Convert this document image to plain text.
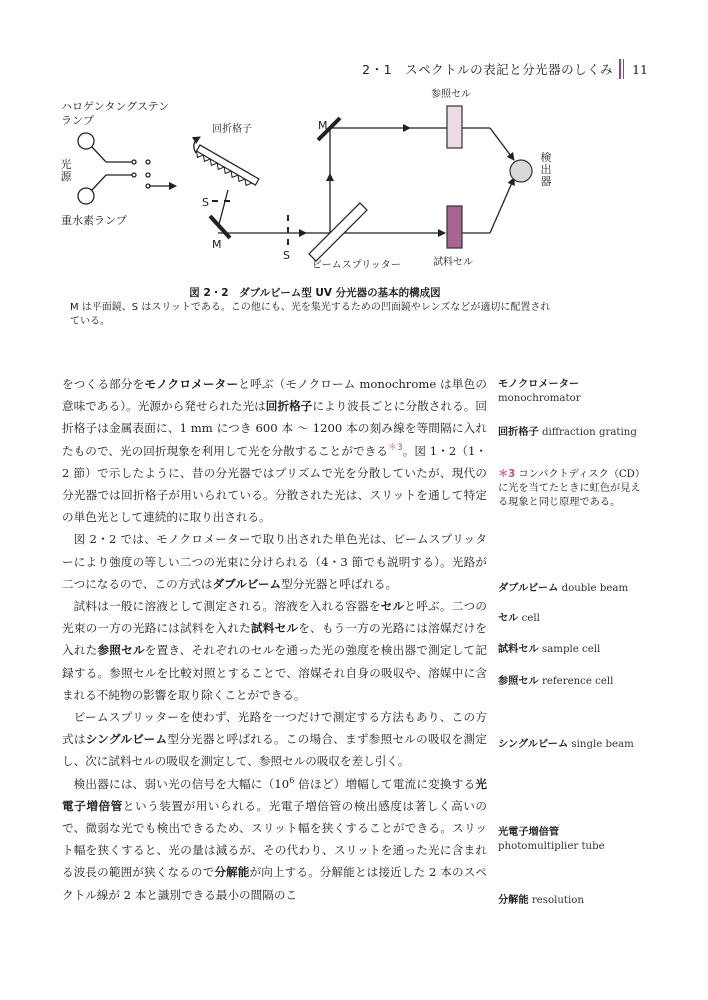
2・1　スペクトルの表記と分光器のしくみ 11
ハロゲンタングステン
ランプ
光源
重水素ランプ
回折格子	M
M
S
S
ビームスプリッター
参照セル
試料セル
検出器
図 2・2　ダブルビーム型 UV 分光器の基本的構成図
M は平面鏡、S はスリットである。この他にも、光を集光するための凹面鏡やレンズなどが適切に配置されている。

をつくる部分をモノクロメーターと呼ぶ（モノクローム monochrome は単色の意味である）。光源から発せられた光は回折格子により波長ごとに分散される。回折格子は金属表面に、1 mm につき 600 本 ～ 1200 本の刻み線を等間隔に入れたもので、光の回折現象を利用して光を分散することができる$^{*3}$。図 1・2（1・2 節）で示したように、昔の分光器ではプリズムで光を分散していたが、現代の分光器では回折格子が用いられている。分散された光は、スリットを通して特定の単色光として連続的に取り出される。

図 2・2 では、モノクロメーターで取り出された単色光は、ビームスプリッターにより強度の等しい二つの光束に分けられる（4・3 節でも説明する）。光路が二つになるので、この方式はダブルビーム型分光器と呼ばれる。

試料は一般に溶液として測定される。溶液を入れる容器をセルと呼ぶ。二つの光束の一方の光路には試料を入れた試料セルを、もう一方の光路には溶媒だけを入れた参照セルを置き、それぞれのセルを通った光の強度を検出器で測定して記録する。参照セルを比較対照とすることで、溶媒それ自身の吸収や、溶媒中に含まれる不純物の影響を取り除くことができる。

ビームスプリッターを使わず、光路を一つだけで測定する方法もあり、この方式はシングルビーム型分光器と呼ばれる。この場合、まず参照セルの吸収を測定し、次に試料セルの吸収を測定して、参照セルの吸収を差し引く。

検出器には、弱い光の信号を大幅に（$10^6$ 倍ほど）増幅して電流に変換する光電子増倍管という装置が用いられる。光電子増倍管の検出感度は著しく高いので、微弱な光でも検出できるため、スリット幅を狭くすることができる。スリット幅を狭くすると、光の量は減るが、その代わり、スリットを通った光に含まれる波長の範囲が狭くなるので分解能が向上する。分解能とは接近した 2 本のスペクトル線が 2 本と識別できる最小の間隔のこ

モノクロメーター
monochromator
回折格子 diffraction grating
＊3 コンパクトディスク（CD）に光を当てたときに虹色が見える現象と同じ原理である。
ダブルビーム double beam
セル cell
試料セル sample cell
参照セル reference cell
シングルビーム single beam
光電子増倍管
photomultiplier tube
分解能 resolution
